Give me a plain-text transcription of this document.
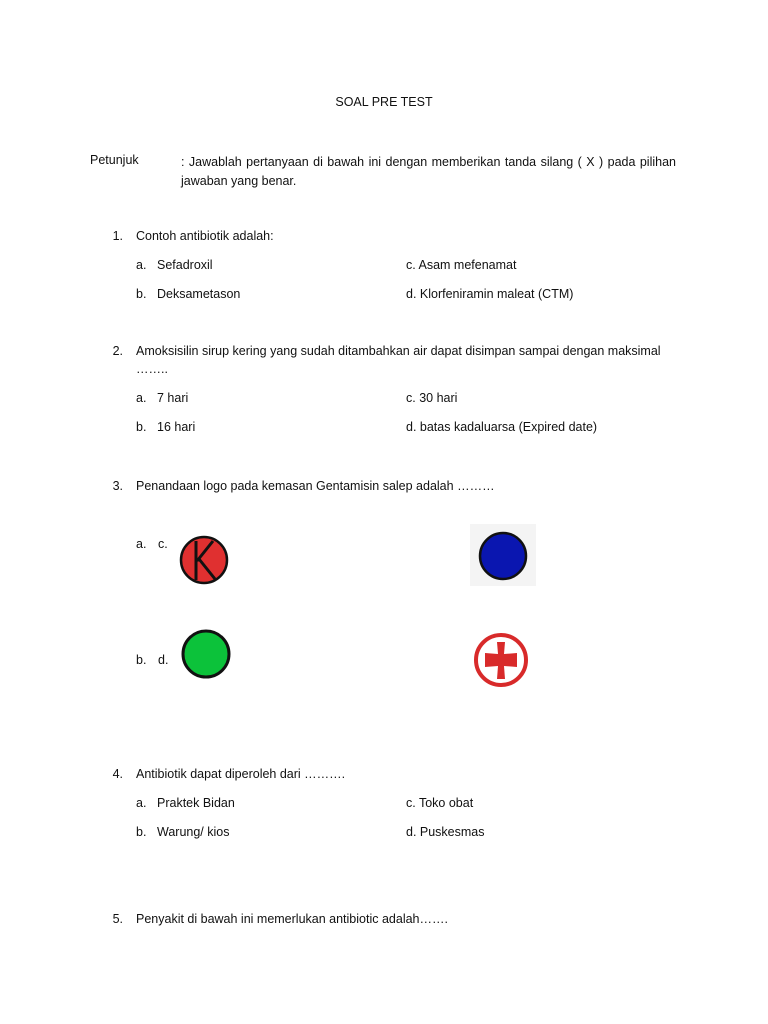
SOAL PRE TEST
Petunjuk	: Jawablah pertanyaan di bawah ini dengan memberikan tanda silang ( X ) pada pilihan jawaban yang benar.
1. Contoh antibiotik adalah:
a. Sefadroxil
b. Deksametason
c. Asam mefenamat
d. Klorfeniramin maleat (CTM)
2. Amoksisilin sirup kering yang sudah ditambahkan air dapat disimpan sampai dengan maksimal
……..
a. 7 hari
b. 16 hari
c. 30 hari
d. batas kadaluarsa (Expired date)
3. Penandaan logo pada kemasan Gentamisin salep adalah ………
a. c.
b. d.
4. Antibiotik dapat diperoleh dari ……….
a. Praktek Bidan
b. Warung/ kios
c. Toko obat
d. Puskesmas
5. Penyakit di bawah ini memerlukan antibiotic adalah…….
